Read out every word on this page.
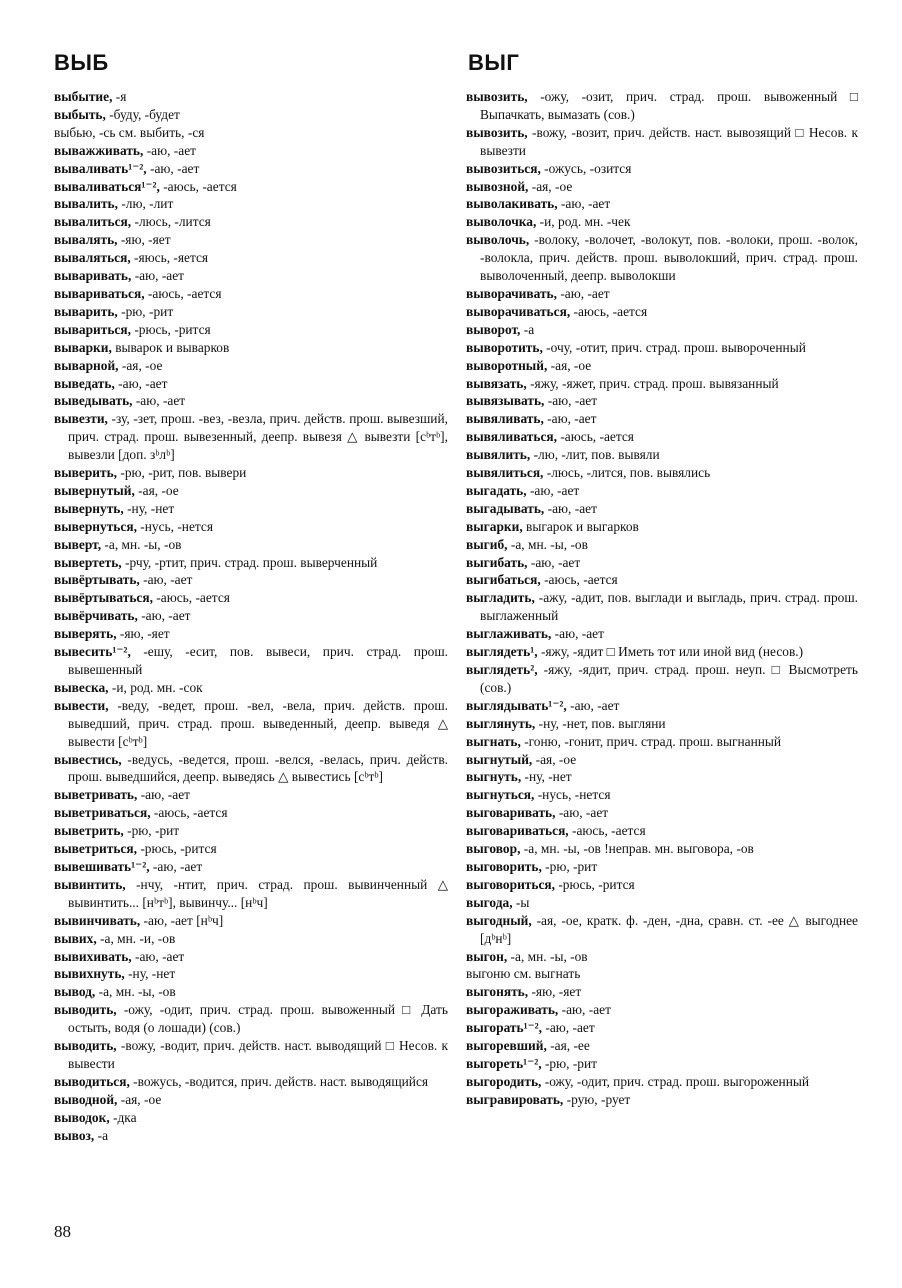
ВЫБ	ВЫГ

выбытие, -я

выбыть, -буду, -будет

выбью, -сь см. выбить, -ся

выважживать, -аю, -ает

вываливать¹⁻², -аю, -ает

вываливаться¹⁻², -аюсь, -ается

вывалить, -лю, -лит

вывалиться, -люсь, -лится

вывалять, -яю, -яет

вываляться, -яюсь, -яется

вываривать, -аю, -ает

вывариваться, -аюсь, -ается

выварить, -рю, -рит

вывариться, -рюсь, -рится

выварки, выварок и выварков

выварной, -ая, -ое

выведать, -аю, -ает

выведывать, -аю, -ает

вывезти, -зу, -зет, прош. -вез, -везла, прич. действ. прош. вывезший, прич. страд. прош. вывезенный, деепр. вывезя △ вывезти [сᵇтᵇ], вывезли [доп. зᵇлᵇ]

выверить, -рю, -рит, пов. вывери

вывернутый, -ая, -ое

вывернуть, -ну, -нет

вывернуться, -нусь, -нется

выверт, -а, мн. -ы, -ов

вывертеть, -рчу, -ртит, прич. страд. прош. выверченный

вывёртывать, -аю, -ает

вывёртываться, -аюсь, -ается

вывёрчивать, -аю, -ает

выверять, -яю, -яет

вывесить¹⁻², -ешу, -есит, пов. вывеси, прич. страд. прош. вывешенный

вывеска, -и, род. мн. -сок

вывести, -веду, -ведет, прош. -вел, -вела, прич. действ. прош. выведший, прич. страд. прош. выведенный, деепр. выведя △ вывести [сᵇтᵇ]

вывестись, -ведусь, -ведется, прош. -велся, -велась, прич. действ. прош. выведшийся, деепр. выведясь △ вывестись [сᵇтᵇ]

выветривать, -аю, -ает

выветриваться, -аюсь, -ается

выветрить, -рю, -рит

выветриться, -рюсь, -рится

вывешивать¹⁻², -аю, -ает

вывинтить, -нчу, -нтит, прич. страд. прош. вывинченный △ вывинтить... [нᵇтᵇ], вывинчу... [нᵇч]

вывинчивать, -аю, -ает [нᵇч]

вывих, -а, мн. -и, -ов

вывихивать, -аю, -ает

вывихнуть, -ну, -нет

вывод, -а, мн. -ы, -ов

выводить, -ожу, -одит, прич. страд. прош. вывоженный □ Дать остыть, водя (о лошади) (сов.)

выводить, -вожу, -водит, прич. действ. наст. выводящий □ Несов. к вывести

выводиться, -вожусь, -водится, прич. действ. наст. выводящийся

выводной, -ая, -ое

выводок, -дка

вывоз, -а

вывозить, -ожу, -озит, прич. страд. прош. вывоженный □ Выпачкать, вымазать (сов.)

вывозить, -вожу, -возит, прич. действ. наст. вывозящий □ Несов. к вывезти

вывозиться, -ожусь, -озится

вывозной, -ая, -ое

выволакивать, -аю, -ает

выволочка, -и, род. мн. -чек

выволочь, -волоку, -волочет, -волокут, пов. -волоки, прош. -волок, -волокла, прич. действ. прош. выволокший, прич. страд. прош. выволоченный, деепр. выволокши

выворачивать, -аю, -ает

выворачиваться, -аюсь, -ается

выворот, -а

выворотить, -очу, -отит, прич. страд. прош. вывороченный

выворотный, -ая, -ое

вывязать, -яжу, -яжет, прич. страд. прош. вывязанный

вывязывать, -аю, -ает

вывяливать, -аю, -ает

вывяливаться, -аюсь, -ается

вывялить, -лю, -лит, пов. вывяли

вывялиться, -люсь, -лится, пов. вывялись

выгадать, -аю, -ает

выгадывать, -аю, -ает

выгарки, выгарок и выгарков

выгиб, -а, мн. -ы, -ов

выгибать, -аю, -ает

выгибаться, -аюсь, -ается

выгладить, -ажу, -адит, пов. выглади и выгладь, прич. страд. прош. выглаженный

выглаживать, -аю, -ает

выглядеть¹, -яжу, -ядит □ Иметь тот или иной вид (несов.)

выглядеть², -яжу, -ядит, прич. страд. прош. неуп. □ Высмотреть (сов.)

выглядывать¹⁻², -аю, -ает

выглянуть, -ну, -нет, пов. выгляни

выгнать, -гоню, -гонит, прич. страд. прош. выгнанный

выгнутый, -ая, -ое

выгнуть, -ну, -нет

выгнуться, -нусь, -нется

выговаривать, -аю, -ает

выговариваться, -аюсь, -ается

выговор, -а, мн. -ы, -ов !неправ. мн. выговора, -ов

выговорить, -рю, -рит

выговориться, -рюсь, -рится

выгода, -ы

выгодный, -ая, -ое, кратк. ф. -ден, -дна, сравн. ст. -ее △ выгоднее [дᵇнᵇ]

выгон, -а, мн. -ы, -ов

выгоню см. выгнать

выгонять, -яю, -яет

выгораживать, -аю, -ает

выгорать¹⁻², -аю, -ает

выгоревший, -ая, -ее

выгореть¹⁻², -рю, -рит

выгородить, -ожу, -одит, прич. страд. прош. выгороженный

выгравировать, -рую, -рует

88
